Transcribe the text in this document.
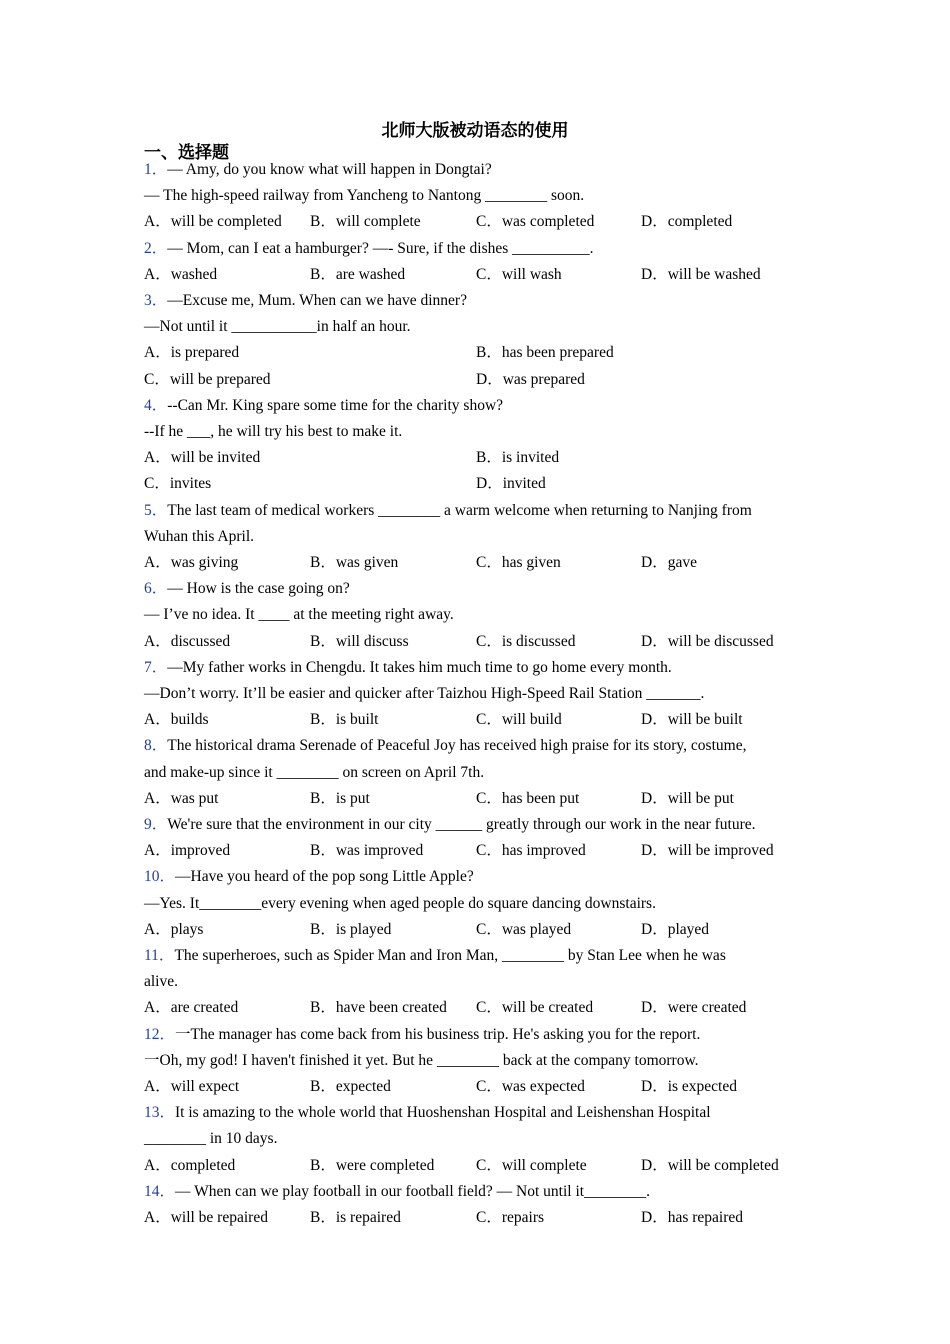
北师大版被动语态的使用
一、选择题
1．— Amy, do you know what will happen in Dongtai?
— The high-speed railway from Yancheng to Nantong ________ soon.
A．will be completed B．will complete	C．was completed	D．completed
2．— Mom, can I eat a hamburger? —- Sure, if the dishes __________.
A．washed	B．are washed	C．will wash	D．will be washed
3．—Excuse me, Mum. When can we have dinner?
—Not until it ___________in half an hour.
A．is prepared	B．has been prepared
C．will be prepared	D．was prepared
4．--Can Mr. King spare some time for the charity show?
--If he ___, he will try his best to make it.
A．will be invited	B．is invited
C．invites	D．invited
5．The last team of medical workers ________ a warm welcome when returning to Nanjing from
Wuhan this April.
A．was giving	B．was given	C．has given	D．gave
6．— How is the case going on?
— I’ve no idea. It ____ at the meeting right away.
A．discussed	B．will discuss	C．is discussed	D．will be discussed
7．—My father works in Chengdu. It takes him much time to go home every month.
—Don’t worry. It’ll be easier and quicker after Taizhou High-Speed Rail Station _______.
A．builds	B．is built	C．will build	D．will be built
8．The historical drama Serenade of Peaceful Joy has received high praise for its story, costume,
and make-up since it ________ on screen on April 7th.
A．was put	B．is put	C．has been put	D．will be put
9．We're sure that the environment in our city ______ greatly through our work in the near future.
A．improved	B．was improved	C．has improved	D．will be improved
10．—Have you heard of the pop song Little Apple?
—Yes. It________every evening when aged people do square dancing downstairs.
A．plays	B．is played	C．was played	D．played
11．The superheroes, such as Spider Man and Iron Man, ________ by Stan Lee when he was
alive.
A．are created	B．have been created C．will be created	D．were created
12．一The manager has come back from his business trip. He's asking you for the report.
一Oh, my god! I haven't finished it yet. But he ________ back at the company tomorrow.
A．will expect	B．expected	C．was expected	D．is expected
13．It is amazing to the whole world that Huoshenshan Hospital and Leishenshan Hospital
________ in 10 days.
A．completed	B．were completed	C．will complete	D．will be completed
14．— When can we play football in our football field? — Not until it________.
A．will be repaired	B．is repaired	C．repairs	D．has repaired
